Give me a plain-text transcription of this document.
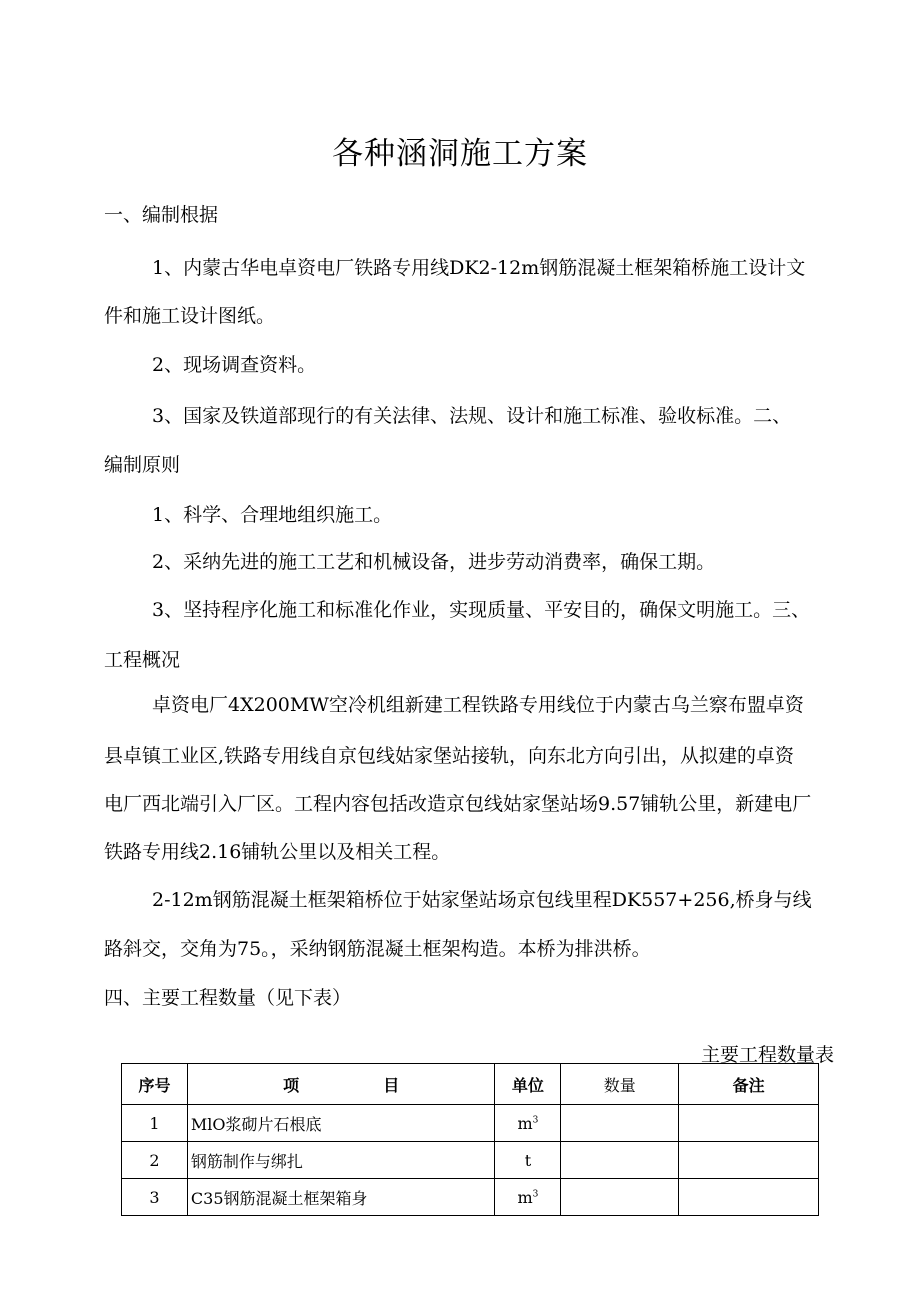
各种涵洞施工方案
一、编制根据
1、内蒙古华电卓资电厂铁路专用线DK2-12m钢筋混凝土框架箱桥施工设计文
件和施工设计图纸。
2、现场调查资料。
3、国家及铁道部现行的有关法律、法规、设计和施工标准、验收标准。二、
编制原则
1、科学、合理地组织施工。
2、采纳先进的施工工艺和机械设备，进步劳动消费率，确保工期。
3、坚持程序化施工和标准化作业，实现质量、平安目的，确保文明施工。三、
工程概况
卓资电厂4X200MW空冷机组新建工程铁路专用线位于内蒙古乌兰察布盟卓资
县卓镇工业区,铁路专用线自京包线姑家堡站接轨，向东北方向引出，从拟建的卓资
电厂西北端引入厂区。工程内容包括改造京包线姑家堡站场9.57铺轨公里，新建电厂
铁路专用线2.16铺轨公里以及相关工程。
2-12m钢筋混凝土框架箱桥位于姑家堡站场京包线里程DK557+256,桥身与线
路斜交，交角为75。，采纳钢筋混凝土框架构造。本桥为排洪桥。
四、主要工程数量（见下表）
主要工程数量表
序号	项 目	单位	数量	备注
1	MlO浆砌片石根底	$m^3$		
2	钢筋制作与绑扎	t		
3	C35钢筋混凝土框架箱身	$m^3$		
